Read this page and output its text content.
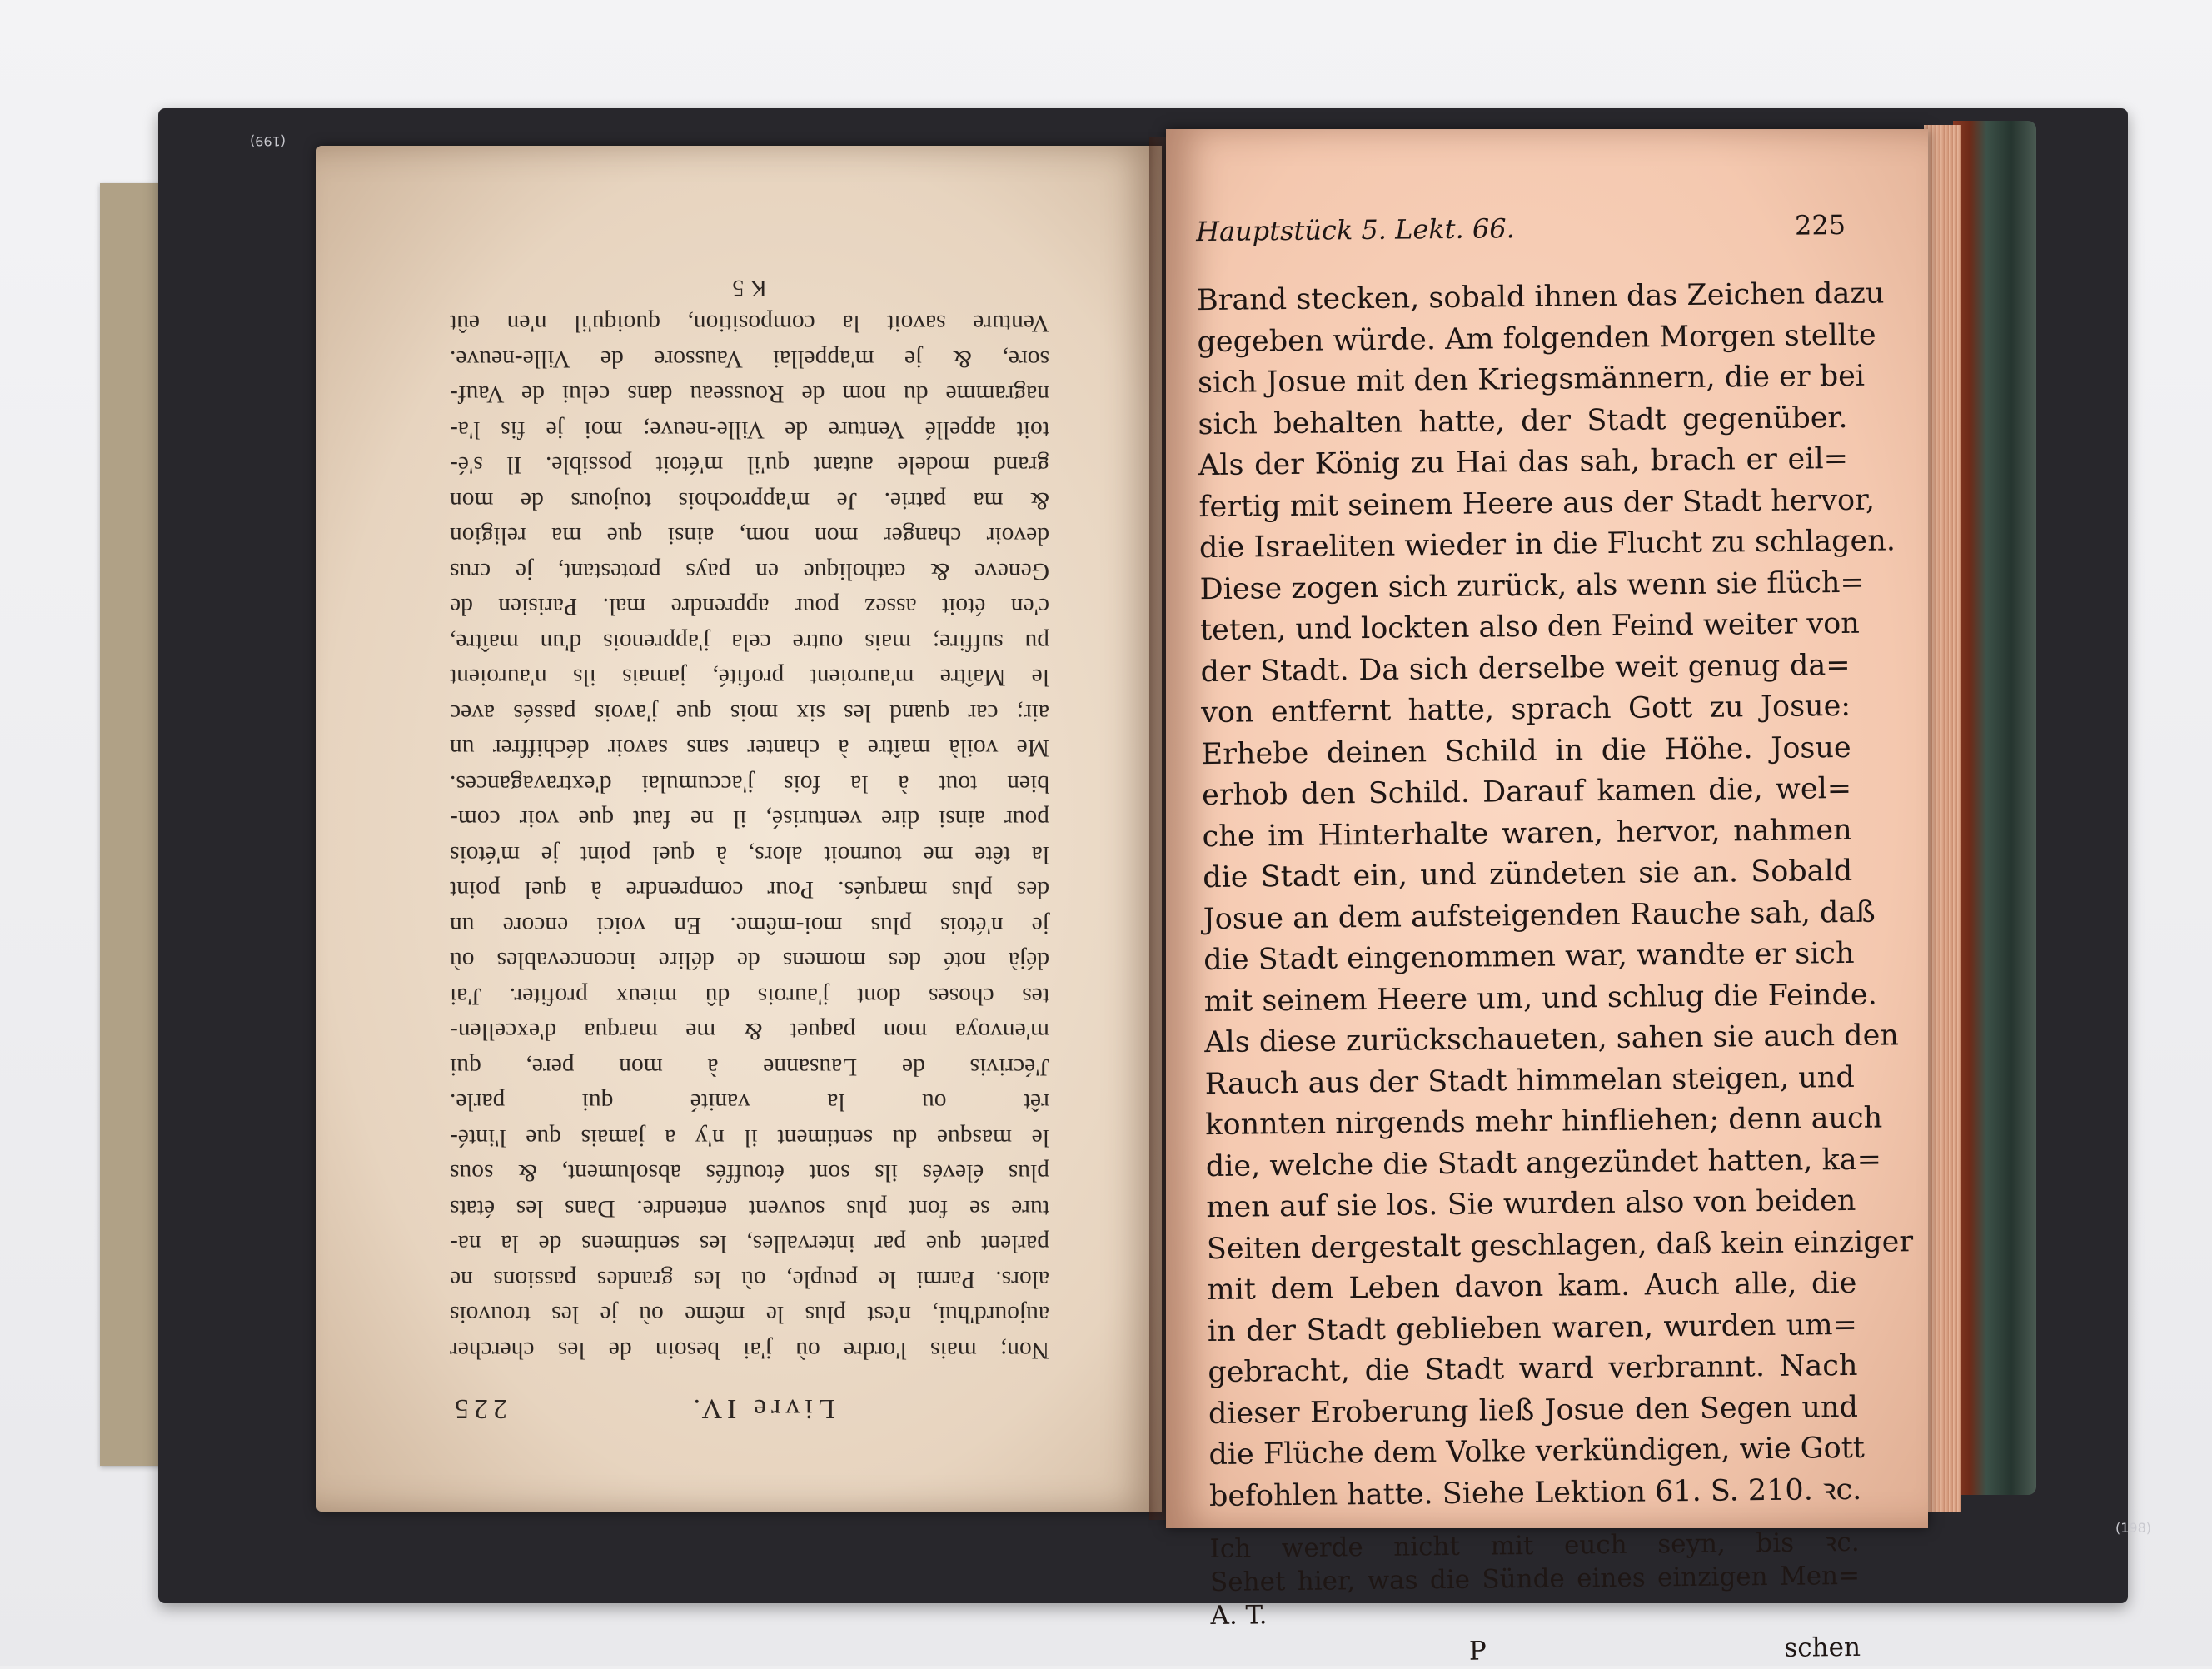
(199)
(198)
Livre IV.
225
Non; mais l'ordre où j'ai besoin de les chercher
aujourd'hui, n'est plus le même où je les trouvois
alors. Parmi le peuple, où les grandes passions ne
parlent que par intervalles, les sentimens de la na-
ture se font plus souvent entendre. Dans les états
plus élevés ils sont étouffés absolument, & sous
le masque du sentiment il n'y a jamais que l'inté-
rêt ou la vanité qui parle.
J'écrivis de Lausanne à mon pere, qui
m'envoya mon paquet & me marqua d'excellen-
tes choses dont j'aurois dû mieux profiter. J'ai
déjà noté des momens de délire inconcevables où
je n'étois plus moi-même. En voici encore un
des plus marqués. Pour comprendre à quel point
la tête me tournoit alors, à quel point je m'étois
pour ainsi dire venturisé, il ne faut que voir com-
bien tout à la fois j'accumulai d'extravagances.
Me voilà maître à chanter sans savoir déchiffrer un
air; car quand les six mois que j'avois passés avec
le Maître m'auroient profité, jamais ils n'auroient
pu suffire; mais outre cela j'apprenois d'un maître,
c'en étoit assez pour apprendre mal. Parisien de
Geneve & catholique en pays protestant, je crus
devoir changer mon nom, ainsi que ma religion
& ma patrie. Je m'approchois toujours de mon
grand modele autant qu'il m'étoit possible. Il s'é-
toit appellé Venture de Ville-neuve; moi je fis l'a-
nagramme du nom de Rousseau dans celui de Vauf-
sore, & je m'appellai Vaussore de Ville-neuve.
Venture savoit la composition, quoiqu'il n'en eût
K 5
Hauptstück 5. Lekt. 66.	225
Brand stecken, sobald ihnen das Zeichen dazu
gegeben würde. Am folgenden Morgen stellte
sich Josue mit den Kriegsmännern, die er bei
sich behalten hatte, der Stadt gegenüber.
Als der König zu Hai das sah, brach er eil=
fertig mit seinem Heere aus der Stadt hervor,
die Israeliten wieder in die Flucht zu schlagen.
Diese zogen sich zurück, als wenn sie flüch=
teten, und lockten also den Feind weiter von
der Stadt. Da sich derselbe weit genug da=
von entfernt hatte, sprach Gott zu Josue:
Erhebe deinen Schild in die Höhe. Josue
erhob den Schild. Darauf kamen die, wel=
che im Hinterhalte waren, hervor, nahmen
die Stadt ein, und zündeten sie an. Sobald
Josue an dem aufsteigenden Rauche sah, daß
die Stadt eingenommen war, wandte er sich
mit seinem Heere um, und schlug die Feinde.
Als diese zurückschaueten, sahen sie auch den
Rauch aus der Stadt himmelan steigen, und
konnten nirgends mehr hinfliehen; denn auch
die, welche die Stadt angezündet hatten, ka=
men auf sie los. Sie wurden also von beiden
Seiten dergestalt geschlagen, daß kein einziger
mit dem Leben davon kam. Auch alle, die
in der Stadt geblieben waren, wurden um=
gebracht, die Stadt ward verbrannt. Nach
dieser Eroberung ließ Josue den Segen und
die Flüche dem Volke verkündigen, wie Gott
befohlen hatte. Siehe Lektion 61. S. 210. ꝛc.
Ich werde nicht mit euch seyn, bis ꝛc.
Sehet hier, was die Sünde eines einzigen Men=
A. T.
P	schen
